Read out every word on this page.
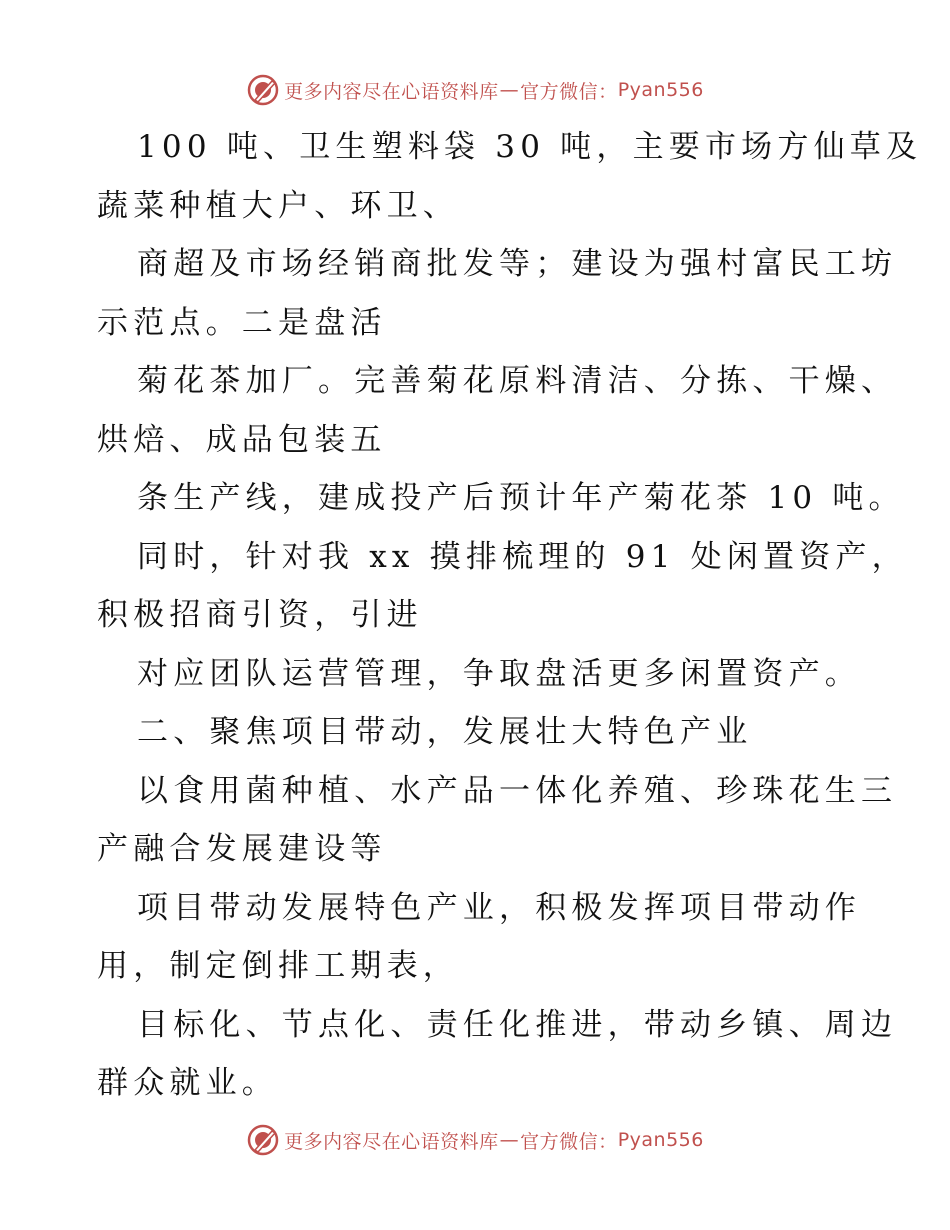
更多内容尽在心语资料库 — 官方微信： Pyan556
100 吨、卫生塑料袋 30 吨，主要市场方仙草及
蔬菜种植大户、环卫、
商超及市场经销商批发等；建设为强村富民工坊
示范点。二是盘活
菊花茶加厂。完善菊花原料清洁、分拣、干燥、
烘焙、成品包装五
条生产线，建成投产后预计年产菊花茶 10 吨。
同时，针对我 xx 摸排梳理的 91 处闲置资产，
积极招商引资，引进
对应团队运营管理，争取盘活更多闲置资产。
二、聚焦项目带动，发展壮大特色产业
以食用菌种植、水产品一体化养殖、珍珠花生三
产融合发展建设等
项目带动发展特色产业，积极发挥项目带动作
用，制定倒排工期表，
目标化、节点化、责任化推进，带动乡镇、周边
群众就业。
更多内容尽在心语资料库 — 官方微信： Pyan556
